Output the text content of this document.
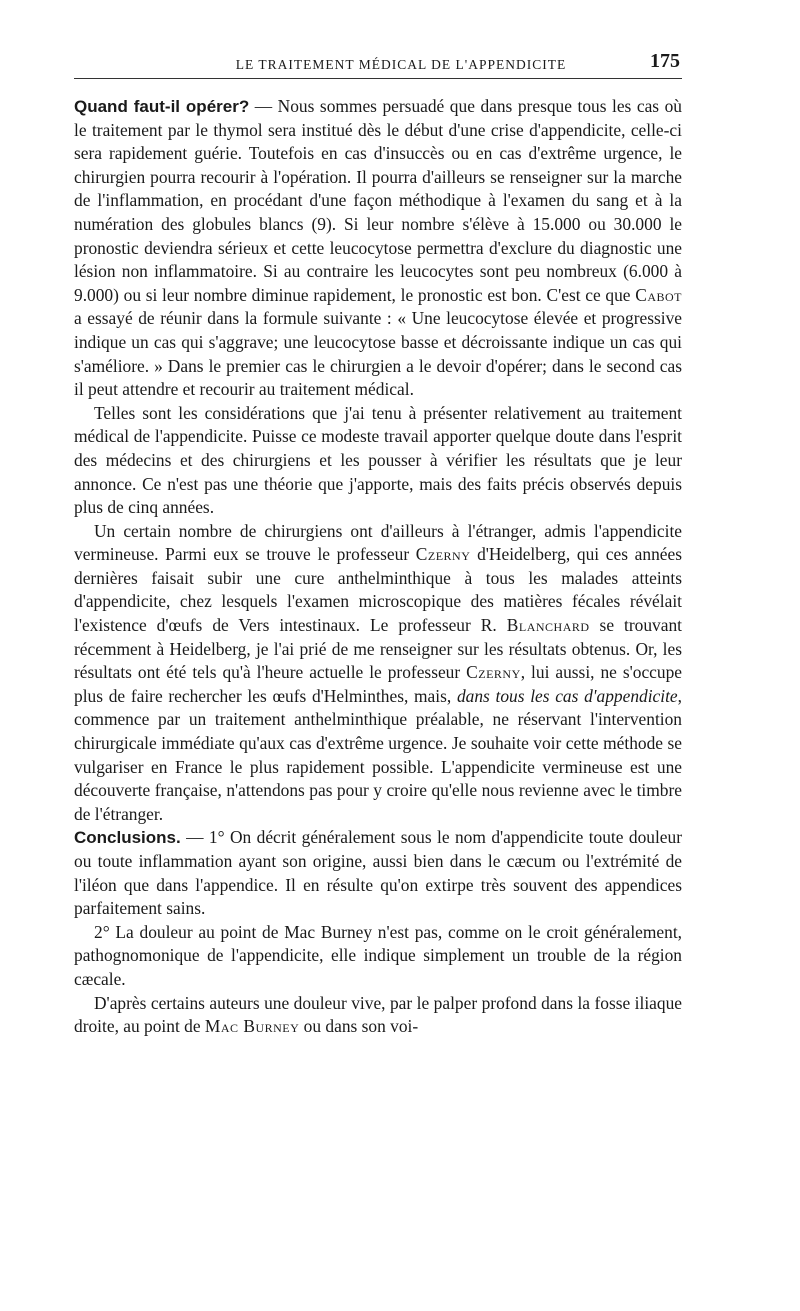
LE TRAITEMENT MÉDICAL DE L'APPENDICITE	175

Quand faut-il opérer? — Nous sommes persuadé que dans presque tous les cas où le traitement par le thymol sera institué dès le début d'une crise d'appendicite, celle-ci sera rapidement guérie. Toutefois en cas d'insuccès ou en cas d'extrême urgence, le chirurgien pourra recourir à l'opération. Il pourra d'ailleurs se renseigner sur la marche de l'inflammation, en procédant d'une façon méthodique à l'examen du sang et à la numération des globules blancs (9). Si leur nombre s'élève à 15.000 ou 30.000 le pronostic deviendra sérieux et cette leucocytose permettra d'exclure du diagnostic une lésion non inflammatoire. Si au contraire les leucocytes sont peu nombreux (6.000 à 9.000) ou si leur nombre diminue rapidement, le pronostic est bon. C'est ce que Cabot a essayé de réunir dans la formule suivante : « Une leucocytose élevée et progressive indique un cas qui s'aggrave; une leucocytose basse et décroissante indique un cas qui s'améliore. » Dans le premier cas le chirurgien a le devoir d'opérer; dans le second cas il peut attendre et recourir au traitement médical.

Telles sont les considérations que j'ai tenu à présenter relativement au traitement médical de l'appendicite. Puisse ce modeste travail apporter quelque doute dans l'esprit des médecins et des chirurgiens et les pousser à vérifier les résultats que je leur annonce. Ce n'est pas une théorie que j'apporte, mais des faits précis observés depuis plus de cinq années.

Un certain nombre de chirurgiens ont d'ailleurs à l'étranger, admis l'appendicite vermineuse. Parmi eux se trouve le professeur Czerny d'Heidelberg, qui ces années dernières faisait subir une cure anthelminthique à tous les malades atteints d'appendicite, chez lesquels l'examen microscopique des matières fécales révélait l'existence d'œufs de Vers intestinaux. Le professeur R. Blanchard se trouvant récemment à Heidelberg, je l'ai prié de me renseigner sur les résultats obtenus. Or, les résultats ont été tels qu'à l'heure actuelle le professeur Czerny, lui aussi, ne s'occupe plus de faire rechercher les œufs d'Helminthes, mais, dans tous les cas d'appendicite, commence par un traitement anthelminthique préalable, ne réservant l'intervention chirurgicale immédiate qu'aux cas d'extrême urgence. Je souhaite voir cette méthode se vulgariser en France le plus rapidement possible. L'appendicite vermineuse est une découverte française, n'attendons pas pour y croire qu'elle nous revienne avec le timbre de l'étranger.

Conclusions. — 1° On décrit généralement sous le nom d'appendicite toute douleur ou toute inflammation ayant son origine, aussi bien dans le cæcum ou l'extrémité de l'iléon que dans l'appendice. Il en résulte qu'on extirpe très souvent des appendices parfaitement sains.

2° La douleur au point de Mac Burney n'est pas, comme on le croit généralement, pathognomonique de l'appendicite, elle indique simplement un trouble de la région cæcale.

D'après certains auteurs une douleur vive, par le palper profond dans la fosse iliaque droite, au point de Mac Burney ou dans son voi-
